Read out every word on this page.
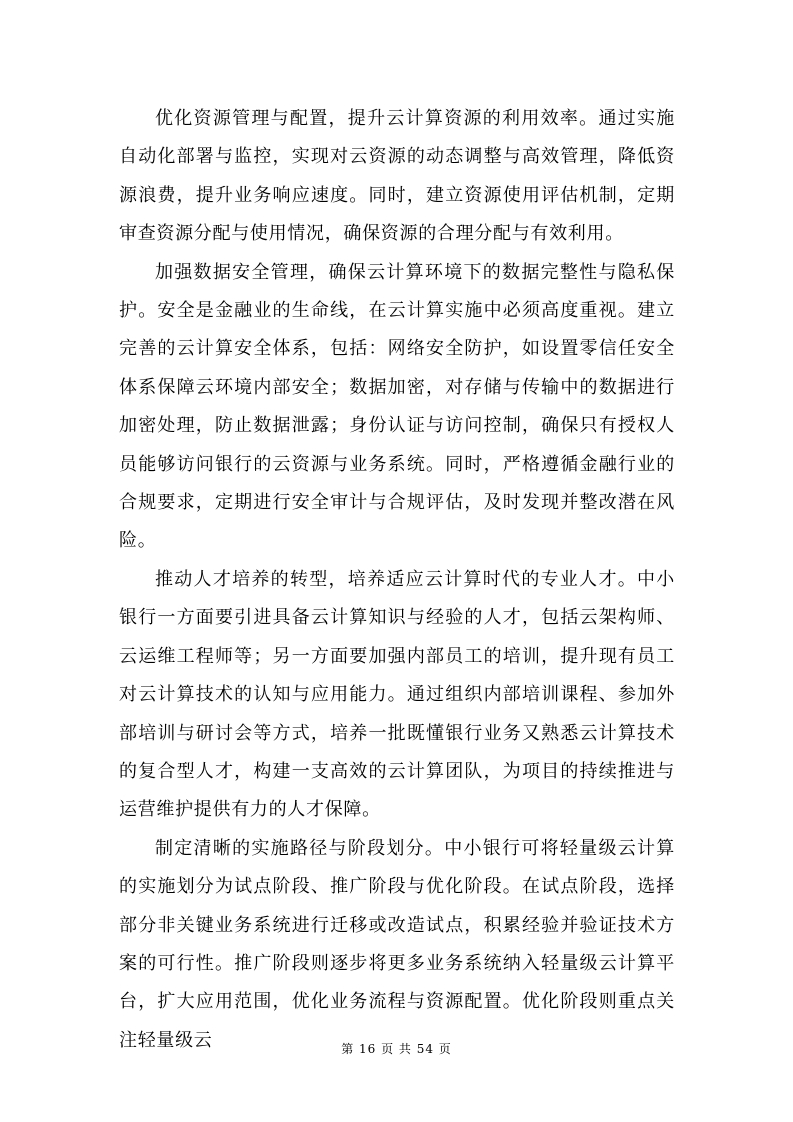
优化资源管理与配置，提升云计算资源的利用效率。通过实施自动化部署与监控，实现对云资源的动态调整与高效管理，降低资源浪费，提升业务响应速度。同时，建立资源使用评估机制，定期审查资源分配与使用情况，确保资源的合理分配与有效利用。

加强数据安全管理，确保云计算环境下的数据完整性与隐私保护。安全是金融业的生命线，在云计算实施中必须高度重视。建立完善的云计算安全体系，包括：网络安全防护，如设置零信任安全体系保障云环境内部安全；数据加密，对存储与传输中的数据进行加密处理，防止数据泄露；身份认证与访问控制，确保只有授权人员能够访问银行的云资源与业务系统。同时，严格遵循金融行业的合规要求，定期进行安全审计与合规评估，及时发现并整改潜在风险。

推动人才培养的转型，培养适应云计算时代的专业人才。中小银行一方面要引进具备云计算知识与经验的人才，包括云架构师、云运维工程师等；另一方面要加强内部员工的培训，提升现有员工对云计算技术的认知与应用能力。通过组织内部培训课程、参加外部培训与研讨会等方式，培养一批既懂银行业务又熟悉云计算技术的复合型人才，构建一支高效的云计算团队，为项目的持续推进与运营维护提供有力的人才保障。

制定清晰的实施路径与阶段划分。中小银行可将轻量级云计算的实施划分为试点阶段、推广阶段与优化阶段。在试点阶段，选择部分非关键业务系统进行迁移或改造试点，积累经验并验证技术方案的可行性。推广阶段则逐步将更多业务系统纳入轻量级云计算平台，扩大应用范围，优化业务流程与资源配置。优化阶段则重点关注轻量级云	第 16 页 共 54 页
